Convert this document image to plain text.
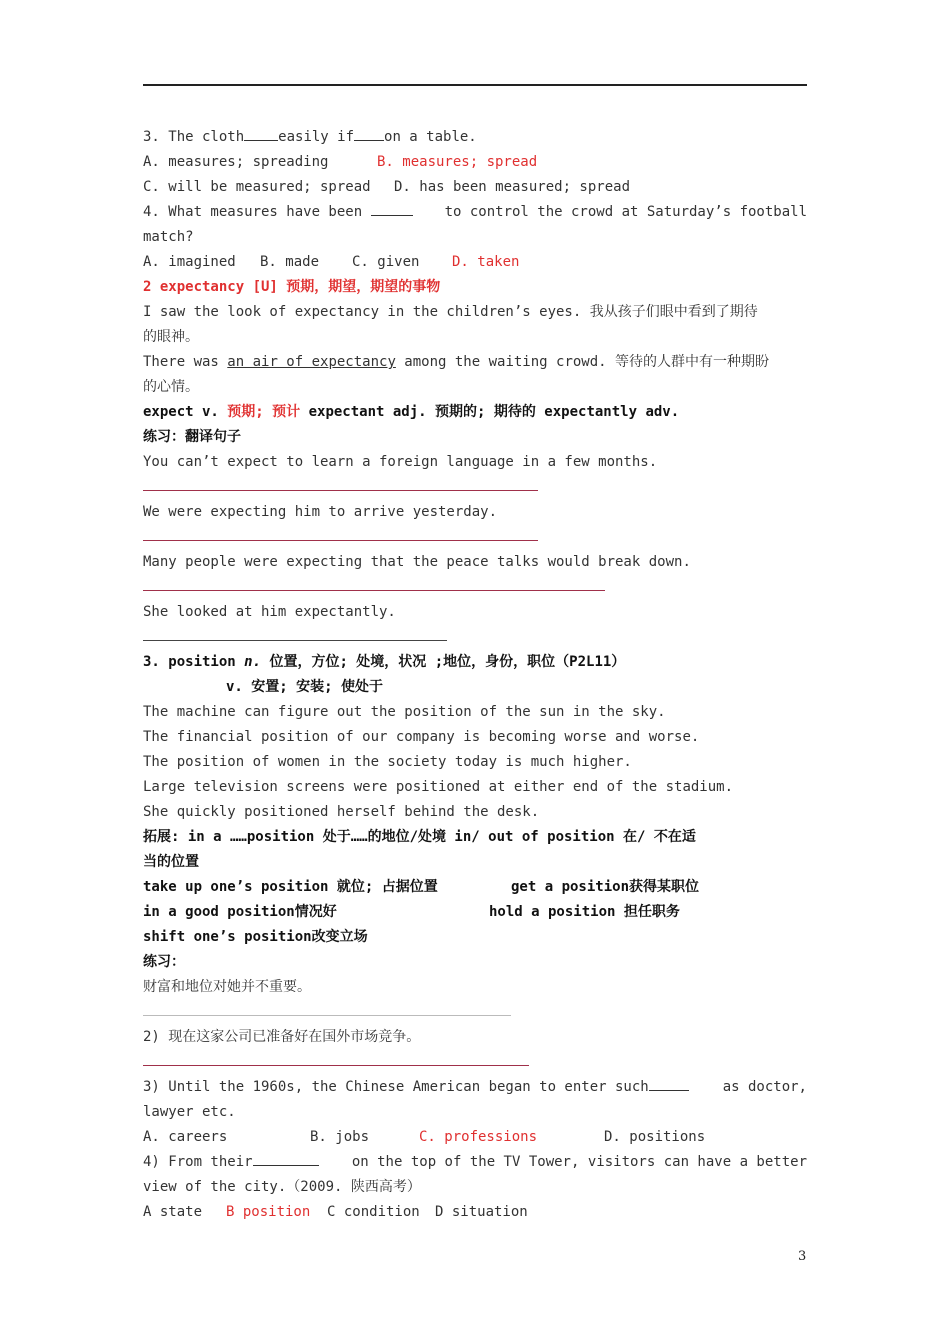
3. The cloth easily if on a table.
A. measures; spreading	B. measures; spread
C. will be measured; spread D. has been measured; spread
4. What measures have been	to control the crowd at Saturday’s football
match?
A. imagined B. made C. given D. taken
2 expectancy [U] 预期，期望，期望的事物
I saw the look of expectancy in the children’s eyes. 我从孩子们眼中看到了期待
的眼神。
There was an air of expectancy among the waiting crowd. 等待的人群中有一种期盼
的心情。
expect v. 预期; 预计 expectant adj. 预期的; 期待的 expectantly adv.
练习：翻译句子
You can’t expect to learn a foreign language in a few months.
We were expecting him to arrive yesterday.
Many people were expecting that the peace talks would break down.
She looked at him expectantly.
3. position n. 位置，方位; 处境，状况 ;地位，身份，职位（P2L11）
v. 安置; 安装; 使处于
The machine can figure out the position of the sun in the sky.
The financial position of our company is becoming worse and worse.
The position of women in the society today is much higher.
Large television screens were positioned at either end of the stadium.
She quickly positioned herself behind the desk.
拓展: in a ……position 处于……的地位/处境 in/ out of position 在/ 不在适
当的位置
take up one’s position 就位; 占据位置	get a position获得某职位
in a good position情况好	hold a position 担任职务
shift one’s position改变立场
练习：
财富和地位对她并不重要。
2) 现在这家公司已准备好在国外市场竞争。
3) Until the 1960s, the Chinese American began to enter such	as doctor,
lawyer etc.
A. careers	B. jobs	C. professions	D. positions
4) From their	on the top of the TV Tower, visitors can have a better
view of the city.（2009. 陕西高考）
A state B position C condition D situation
3
